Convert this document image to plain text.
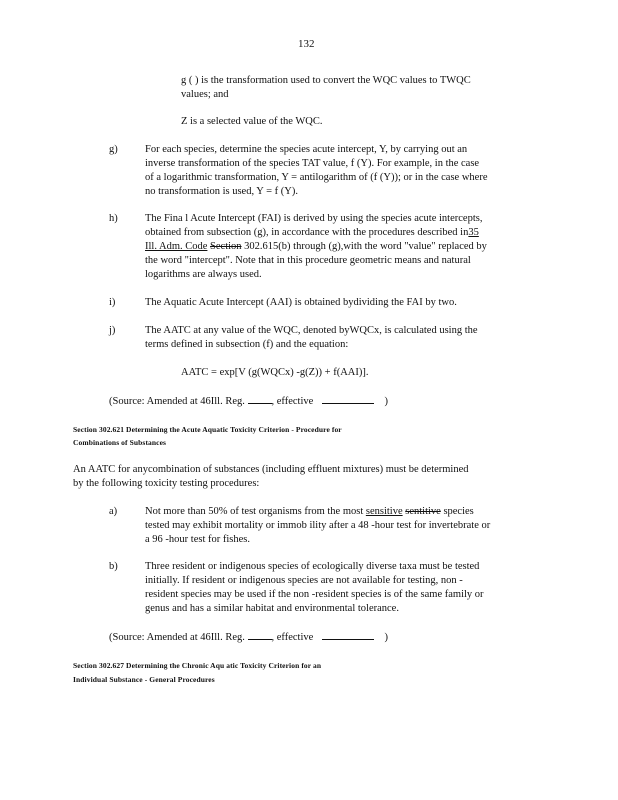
132
g ( ) is the transformation used to convert the WQC values to TWQC
values; and
Z is a selected value of the WQC.
g)	For each species, determine the species acute intercept, Y, by carrying out an
inverse transformation of the species TAT value, f (Y). For example, in the case
of a logarithmic transformation, Y = antilogarithm of (f (Y)); or in the case where
no transformation is used, Y = f (Y).
h)	The Fina l Acute Intercept (FAI) is derived by using the species acute intercepts,
obtained from subsection (g), in accordance with the procedures described in35
Ill. Adm. Code Section 302.615(b) through (g),with the word "value" replaced by
the word "intercept". Note that in this procedure geometric means and natural
logarithms are always used.
i)	The Aquatic Acute Intercept (AAI) is obtained bydividing the FAI by two.
j)	The AATC at any value of the WQC, denoted byWQCx, is calculated using the
terms defined in subsection (f) and the equation:
AATC = exp[V (g(WQCx) -g(Z)) + f(AAI)].
(Source: Amended at 46Ill. Reg.	, effective	)
Section 302.621 Determining the Acute Aquatic Toxicity Criterion - Procedure for
Combinations of Substances
An AATC for anycombination of substances (including effluent mixtures) must be determined
by the following toxicity testing procedures:
a)	Not more than 50% of test organisms from the most sensitive sentitive species
tested may exhibit mortality or immob ility after a 48 -hour test for invertebrate or
a 96 -hour test for fishes.
b)	Three resident or indigenous species of ecologically diverse taxa must be tested
initially. If resident or indigenous species are not available for testing, non -
resident species may be used if the non -resident species is of the same family or
genus and has a similar habitat and environmental tolerance.
(Source: Amended at 46Ill. Reg.	, effective	)
Section 302.627 Determining the Chronic Aqu atic Toxicity Criterion for an
Individual Substance - General Procedures
